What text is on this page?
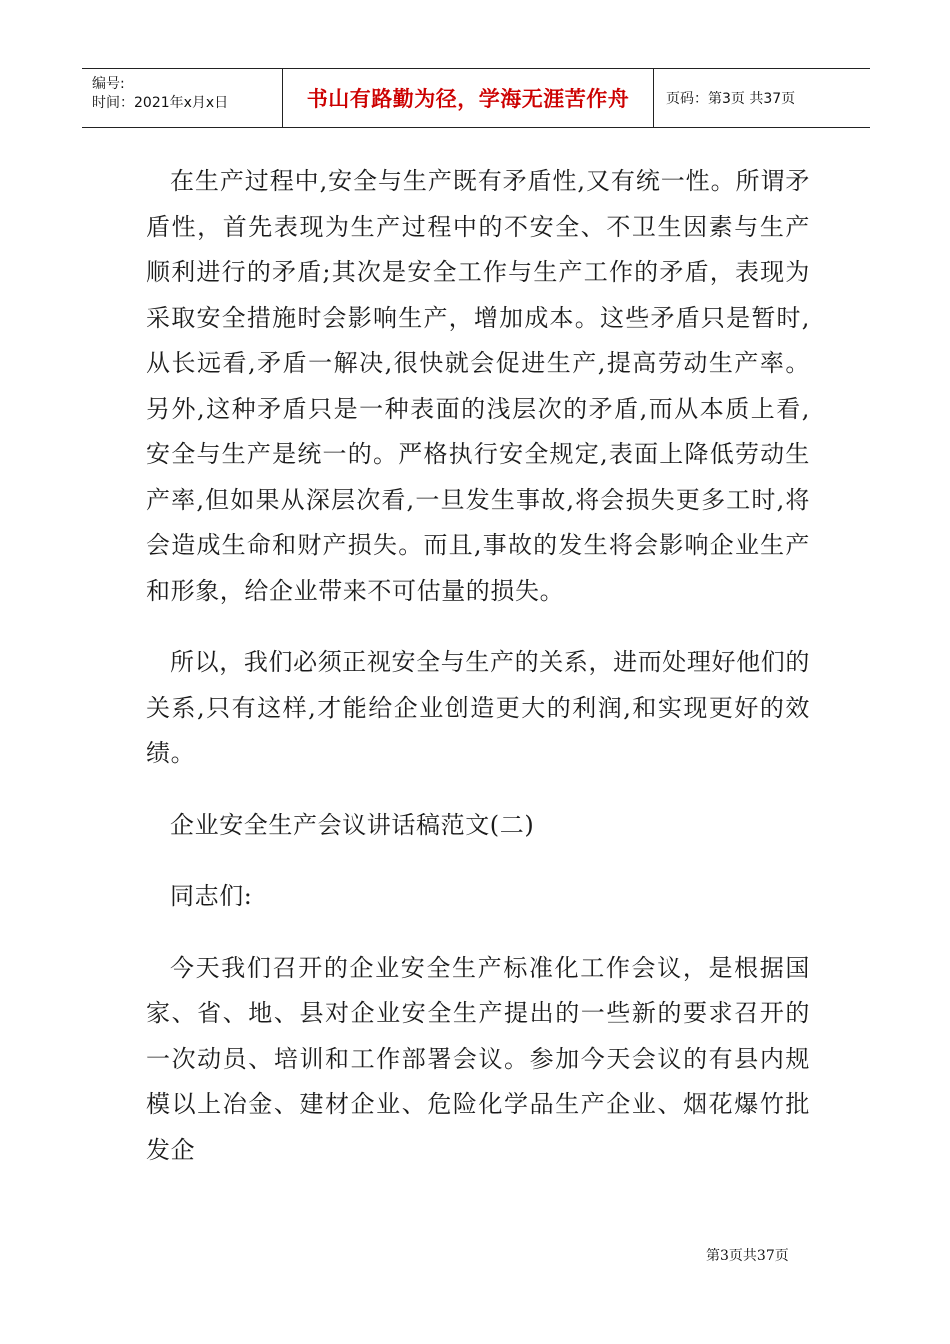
编号:
时间：2021年x月x日	书山有路勤为径，学海无涯苦作舟	页码：第3页 共37页

在生产过程中,安全与生产既有矛盾性,又有统一性。所谓矛盾性，首先表现为生产过程中的不安全、不卫生因素与生产顺利进行的矛盾;其次是安全工作与生产工作的矛盾，表现为采取安全措施时会影响生产，增加成本。这些矛盾只是暂时,从长远看,矛盾一解决,很快就会促进生产,提高劳动生产率。另外,这种矛盾只是一种表面的浅层次的矛盾,而从本质上看,安全与生产是统一的。严格执行安全规定,表面上降低劳动生产率,但如果从深层次看,一旦发生事故,将会损失更多工时,将会造成生命和财产损失。而且,事故的发生将会影响企业生产和形象，给企业带来不可估量的损失。

所以，我们必须正视安全与生产的关系，进而处理好他们的关系,只有这样,才能给企业创造更大的利润,和实现更好的效绩。

企业安全生产会议讲话稿范文(二)

同志们:

今天我们召开的企业安全生产标准化工作会议，是根据国家、省、地、县对企业安全生产提出的一些新的要求召开的一次动员、培训和工作部署会议。参加今天会议的有县内规模以上冶金、建材企业、危险化学品生产企业、烟花爆竹批发企

第3页共37页
